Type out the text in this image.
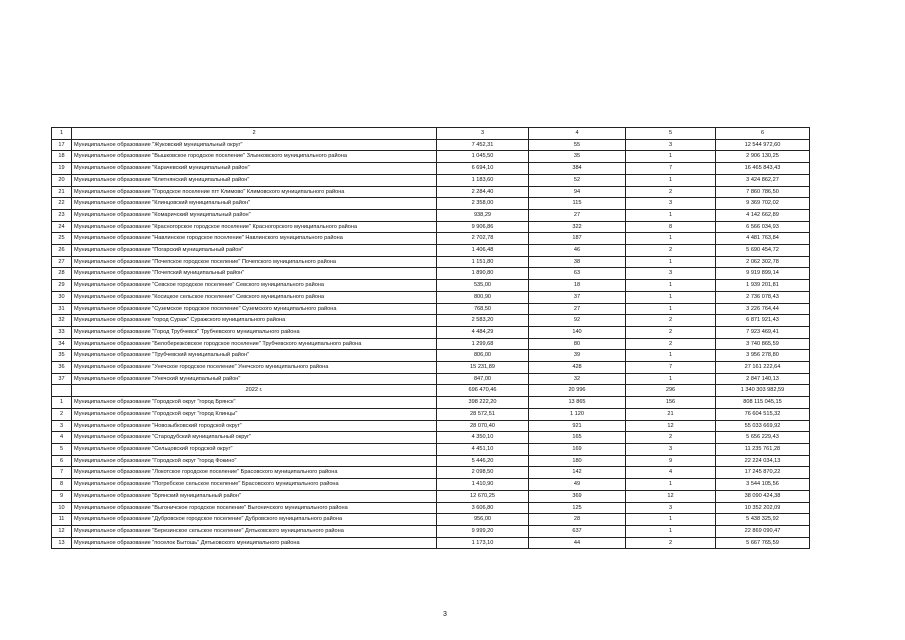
1	2	3	4	5	6
17	Муниципальное образование "Жуковский муниципальный округ"	7 452,31	55	3	12 544 972,60
18	Муниципальное образование "Вышковское городское поселение" Злынковского муниципального района	1 045,50	35	1	2 906 130,25
19	Муниципальное образование "Карачевский муниципальный район"	6 694,10	384	7	16 465 843,43
20	Муниципальное образование "Клетнянский муниципальный район"	1 183,60	52	1	3 424 862,27
21	Муниципальное образование "Городское поселение пгт Климово" Климовского муниципального района	2 284,40	94	2	7 860 786,50
22	Муниципальное образование "Клинцовский муниципальный район"	2 358,00	115	3	9 369 702,02
23	Муниципальное образование "Комаричский муниципальный район"	938,29	27	1	4 142 662,89
24	Муниципальное образование "Красногорское городское поселение" Красногорского муниципального района	9 906,86	322	8	6 566 034,93
25	Муниципальное образование "Навлинское городское поселение" Навлинского муниципального района	2 702,78	187	1	4 481 763,84
26	Муниципальное образование "Погарский муниципальный район"	1 406,48	46	2	5 690 454,72
27	Муниципальное образование "Почепское городское поселение" Почепского муниципального района	1 151,80	38	1	2 062 302,78
28	Муниципальное образование "Почепский муниципальный район"	1 890,80	63	3	9 919 899,14
29	Муниципальное образование "Севское городское поселение" Севского муниципального района	535,00	18	1	1 939 201,81
30	Муниципальное образование "Косицкое сельское поселение" Севского муниципального района	800,90	37	1	2 736 078,43
31	Муниципальное образование "Суземское городское поселение" Суземского муниципального района	768,50	27	1	3 226 764,44
32	Муниципальное образование "город Сураж" Суражского муниципального района	2 583,20	92	2	6 871 921,43
33	Муниципальное образование "Город Трубчевск" Трубчевского муниципального района	4 484,29	140	2	7 923 469,41
34	Муниципальное образование "Белоберезковское городское поселение" Трубчевского муниципального района	1 299,68	80	2	3 740 865,59
35	Муниципальное образование "Трубчевский муниципальный район"	806,00	39	1	3 956 278,80
36	Муниципальное образование "Унечское городское поселение" Унечского муниципального района	15 231,89	428	7	27 161 222,64
37	Муниципальное образование "Унечский муниципальный район"	847,00	32	1	2 847 140,13
	2022 г.	696 470,46	20 996	296	1 340 303 982,59
1	Муниципальное образование "Городской округ "город Брянск"	398 222,20	13 865	156	808 115 045,15
2	Муниципальное образование "Городской округ "город Клинцы"	28 572,51	1 120	21	76 604 515,32
3	Муниципальное образование "Новозыбковский городской округ"	28 070,40	921	12	55 033 669,92
4	Муниципальное образование "Стародубский муниципальный округ"	4 350,10	165	2	5 656 229,43
5	Муниципальное образование "Сельцовский городской округ"	4 451,10	169	3	11 235 761,28
6	Муниципальное образование "Городской округ "город Фокино"	5 446,20	180	9	22 224 034,13
7	Муниципальное образование "Локотское городское поселение" Брасовского муниципального района	2 098,50	142	4	17 245 870,22
8	Муниципальное образование "Погребское сельское поселение" Брасовского муниципального района	1 410,90	49	1	3 544 105,56
9	Муниципальное образование "Брянский муниципальный район"	12 670,25	369	12	38 090 424,38
10	Муниципальное образование "Выгоничское городское поселение" Выгоничского муниципального района	3 606,80	125	3	10 352 202,09
11	Муниципальное образование "Дубровское городское поселение" Дубровского муниципального района	956,00	28	1	5 438 325,92
12	Муниципальное образование "Березинское сельское поселение" Дятьковского муниципального района	9 999,20	637	1	22 869 090,47
13	Муниципальное образование "поселок Бытошь" Дятьковского муниципального района	1 173,10	44	2	5 667 765,59
3
